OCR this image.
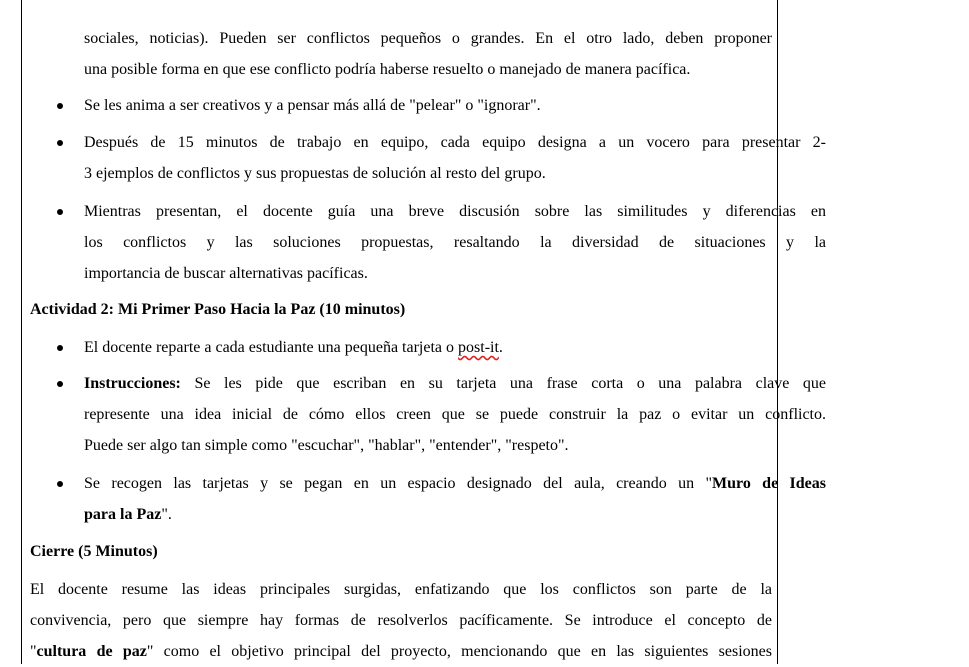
sociales, noticias). Pueden ser conflictos pequeños o grandes. En el otro lado, deben proponer
una posible forma en que ese conflicto podría haberse resuelto o manejado de manera pacífica.
Se les anima a ser creativos y a pensar más allá de "pelear" o "ignorar".
Después de 15 minutos de trabajo en equipo, cada equipo designa a un vocero para presentar 2-
3 ejemplos de conflictos y sus propuestas de solución al resto del grupo.
Mientras presentan, el docente guía una breve discusión sobre las similitudes y diferencias en
los conflictos y las soluciones propuestas, resaltando la diversidad de situaciones y la
importancia de buscar alternativas pacíficas.
Actividad 2: Mi Primer Paso Hacia la Paz (10 minutos)
El docente reparte a cada estudiante una pequeña tarjeta o post-it.
Instrucciones: Se les pide que escriban en su tarjeta una frase corta o una palabra clave que
represente una idea inicial de cómo ellos creen que se puede construir la paz o evitar un conflicto.
Puede ser algo tan simple como "escuchar", "hablar", "entender", "respeto".
Se recogen las tarjetas y se pegan en un espacio designado del aula, creando un "Muro de Ideas
para la Paz".
Cierre (5 Minutos)
El docente resume las ideas principales surgidas, enfatizando que los conflictos son parte de la
convivencia, pero que siempre hay formas de resolverlos pacíficamente. Se introduce el concepto de
"cultura de paz" como el objetivo principal del proyecto, mencionando que en las siguientes sesiones
